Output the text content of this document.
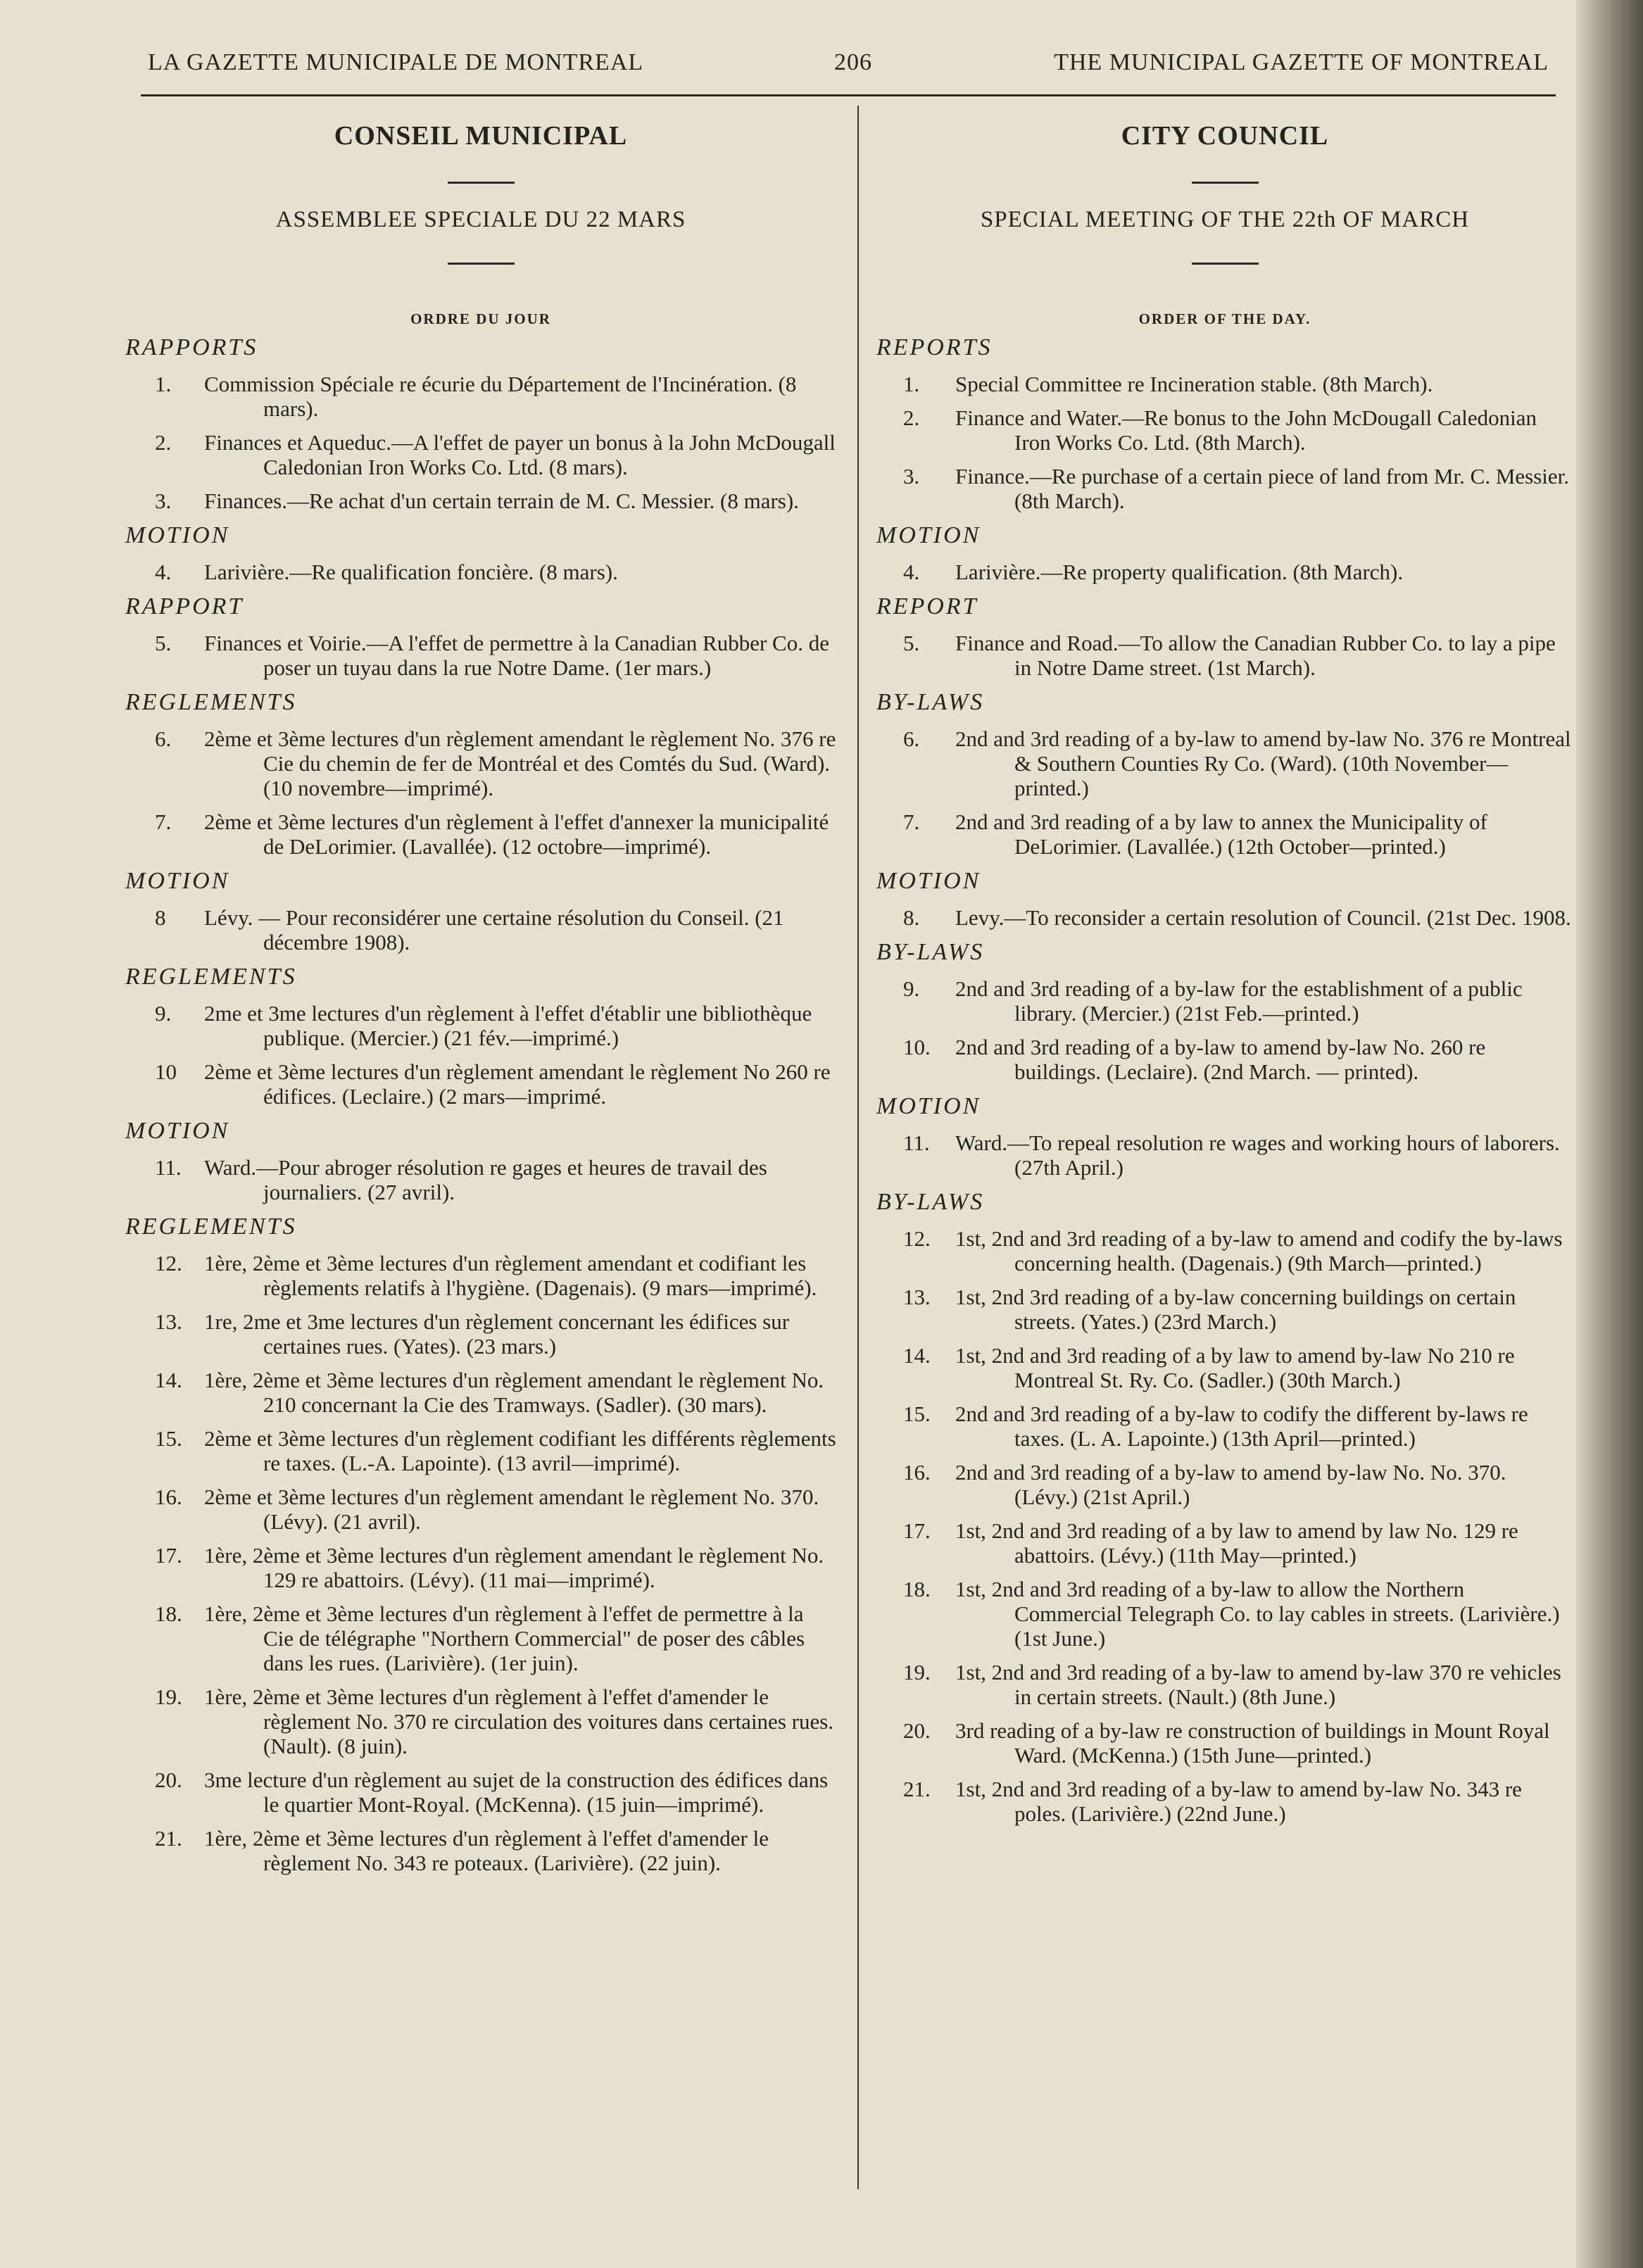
LA GAZETTE MUNICIPALE DE MONTREAL	206	THE MUNICIPAL GAZETTE OF MONTREAL
CONSEIL MUNICIPAL
ASSEMBLEE SPECIALE DU 22 MARS
ORDRE DU JOUR
RAPPORTS
1. Commission Spéciale re écurie du Département de l'Incinération. (8 mars).
2. Finances et Aqueduc.—A l'effet de payer un bonus à la John McDougall Caledonian Iron Works Co. Ltd. (8 mars).
3. Finances.—Re achat d'un certain terrain de M. C. Messier. (8 mars).
MOTION
4. Larivière.—Re qualification foncière. (8 mars).
RAPPORT
5. Finances et Voirie.—A l'effet de permettre à la Canadian Rubber Co. de poser un tuyau dans la rue Notre Dame. (1er mars.)
REGLEMENTS
6. 2ème et 3ème lectures d'un règlement amendant le règlement No. 376 re Cie du chemin de fer de Montréal et des Comtés du Sud. (Ward). (10 novembre—imprimé).
7. 2ème et 3ème lectures d'un règlement à l'effet d'annexer la municipalité de DeLorimier. (Lavallée). (12 octobre—imprimé).
MOTION
8 Lévy. — Pour reconsidérer une certaine résolution du Conseil. (21 décembre 1908).
REGLEMENTS
9. 2me et 3me lectures d'un règlement à l'effet d'établir une bibliothèque publique. (Mercier.) (21 fév.—imprimé.)
10 2ème et 3ème lectures d'un règlement amendant le règlement No 260 re édifices. (Leclaire.) (2 mars—imprimé.
MOTION
11. Ward.—Pour abroger résolution re gages et heures de travail des journaliers. (27 avril).
REGLEMENTS
12. 1ère, 2ème et 3ème lectures d'un règlement amendant et codifiant les règlements relatifs à l'hygiène. (Dagenais). (9 mars—imprimé).
13. 1re, 2me et 3me lectures d'un règlement concernant les édifices sur certaines rues. (Yates). (23 mars.)
14. 1ère, 2ème et 3ème lectures d'un règlement amendant le règlement No. 210 concernant la Cie des Tramways. (Sadler). (30 mars).
15. 2ème et 3ème lectures d'un règlement codifiant les différents règlements re taxes. (L.-A. Lapointe). (13 avril—imprimé).
16. 2ème et 3ème lectures d'un règlement amendant le règlement No. 370. (Lévy). (21 avril).
17. 1ère, 2ème et 3ème lectures d'un règlement amendant le règlement No. 129 re abattoirs. (Lévy). (11 mai—imprimé).
18. 1ère, 2ème et 3ème lectures d'un règlement à l'effet de permettre à la Cie de télégraphe "Northern Commercial" de poser des câbles dans les rues. (Larivière). (1er juin).
19. 1ère, 2ème et 3ème lectures d'un règlement à l'effet d'amender le règlement No. 370 re circulation des voitures dans certaines rues. (Nault). (8 juin).
20. 3me lecture d'un règlement au sujet de la construction des édifices dans le quartier Mont-Royal. (McKenna). (15 juin—imprimé).
21. 1ère, 2ème et 3ème lectures d'un règlement à l'effet d'amender le règlement No. 343 re poteaux. (Larivière). (22 juin).
CITY COUNCIL
SPECIAL MEETING OF THE 22th OF MARCH
ORDER OF THE DAY.
REPORTS
1. Special Committee re Incineration stable. (8th March).
2. Finance and Water.—Re bonus to the John McDougall Caledonian Iron Works Co. Ltd. (8th March).
3. Finance.—Re purchase of a certain piece of land from Mr. C. Messier. (8th March).
MOTION
4. Larivière.—Re property qualification. (8th March).
REPORT
5. Finance and Road.—To allow the Canadian Rubber Co. to lay a pipe in Notre Dame street. (1st March).
BY-LAWS
6. 2nd and 3rd reading of a by-law to amend by-law No. 376 re Montreal & Southern Counties Ry Co. (Ward). (10th November—printed.)
7. 2nd and 3rd reading of a by law to annex the Municipality of DeLorimier. (Lavallée.) (12th October—printed.)
MOTION
8. Levy.—To reconsider a certain resolution of Council. (21st Dec. 1908.
BY-LAWS
9. 2nd and 3rd reading of a by-law for the establishment of a public library. (Mercier.) (21st Feb.—printed.)
10. 2nd and 3rd reading of a by-law to amend by-law No. 260 re buildings. (Leclaire). (2nd March. — printed).
MOTION
11. Ward.—To repeal resolution re wages and working hours of laborers. (27th April.)
BY-LAWS
12. 1st, 2nd and 3rd reading of a by-law to amend and codify the by-laws concerning health. (Dagenais.) (9th March—printed.)
13. 1st, 2nd 3rd reading of a by-law concerning buildings on certain streets. (Yates.) (23rd March.)
14. 1st, 2nd and 3rd reading of a by law to amend by-law No 210 re Montreal St. Ry. Co. (Sadler.) (30th March.)
15. 2nd and 3rd reading of a by-law to codify the different by-laws re taxes. (L. A. Lapointe.) (13th April—printed.)
16. 2nd and 3rd reading of a by-law to amend by-law No. No. 370. (Lévy.) (21st April.)
17. 1st, 2nd and 3rd reading of a by law to amend by law No. 129 re abattoirs. (Lévy.) (11th May—printed.)
18. 1st, 2nd and 3rd reading of a by-law to allow the Northern Commercial Telegraph Co. to lay cables in streets. (Larivière.) (1st June.)
19. 1st, 2nd and 3rd reading of a by-law to amend by-law 370 re vehicles in certain streets. (Nault.) (8th June.)
20. 3rd reading of a by-law re construction of buildings in Mount Royal Ward. (McKenna.) (15th June—printed.)
21. 1st, 2nd and 3rd reading of a by-law to amend by-law No. 343 re poles. (Larivière.) (22nd June.)
